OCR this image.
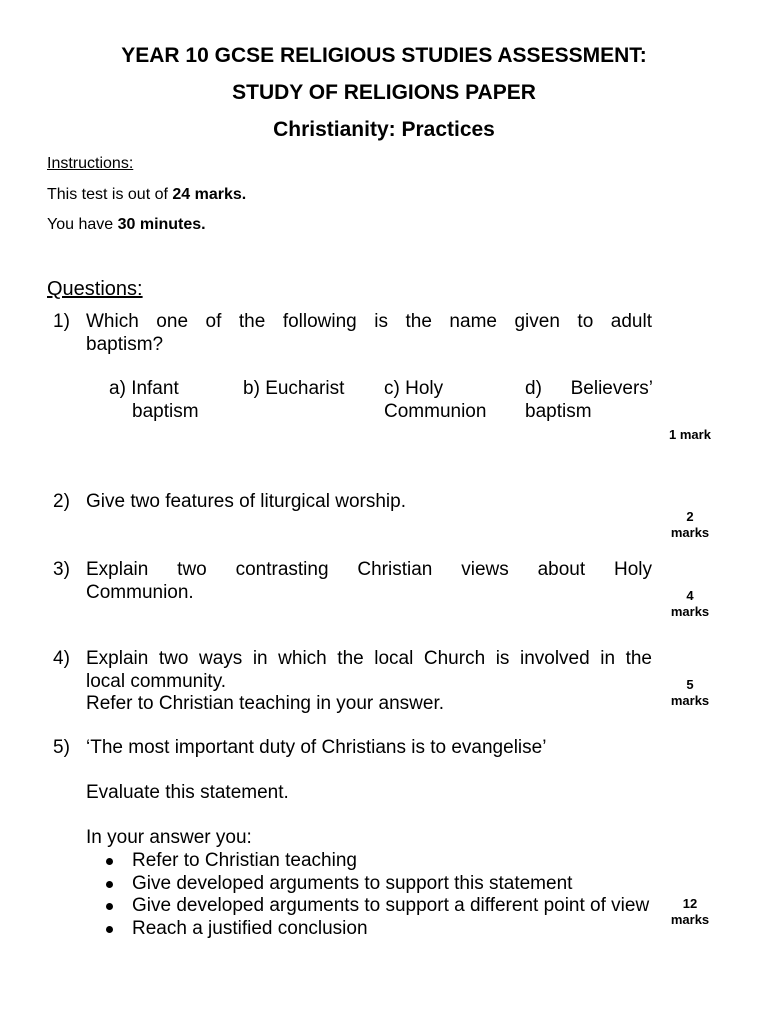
YEAR 10 GCSE RELIGIOUS STUDIES ASSESSMENT:
STUDY OF RELIGIONS PAPER
Christianity: Practices
Instructions:
This test is out of 24 marks.
You have 30 minutes.
Questions:
1) Which one of the following is the name given to adult
baptism?
a) Infant
baptism
b) Eucharist c) Holy
Communion
d) Believers’
baptism
1 mark
2) Give two features of liturgical worship.
2
marks
3) Explain two contrasting Christian views about Holy
Communion.	4
marks
4) Explain two ways in which the local Church is involved in the
local community.
Refer to Christian teaching in your answer.
5
marks
5) ‘The most important duty of Christians is to evangelise’
Evaluate this statement.
In your answer you:
Refer to Christian teaching
Give developed arguments to support this statement
Give developed arguments to support a different point of view
Reach a justified conclusion
12
marks
